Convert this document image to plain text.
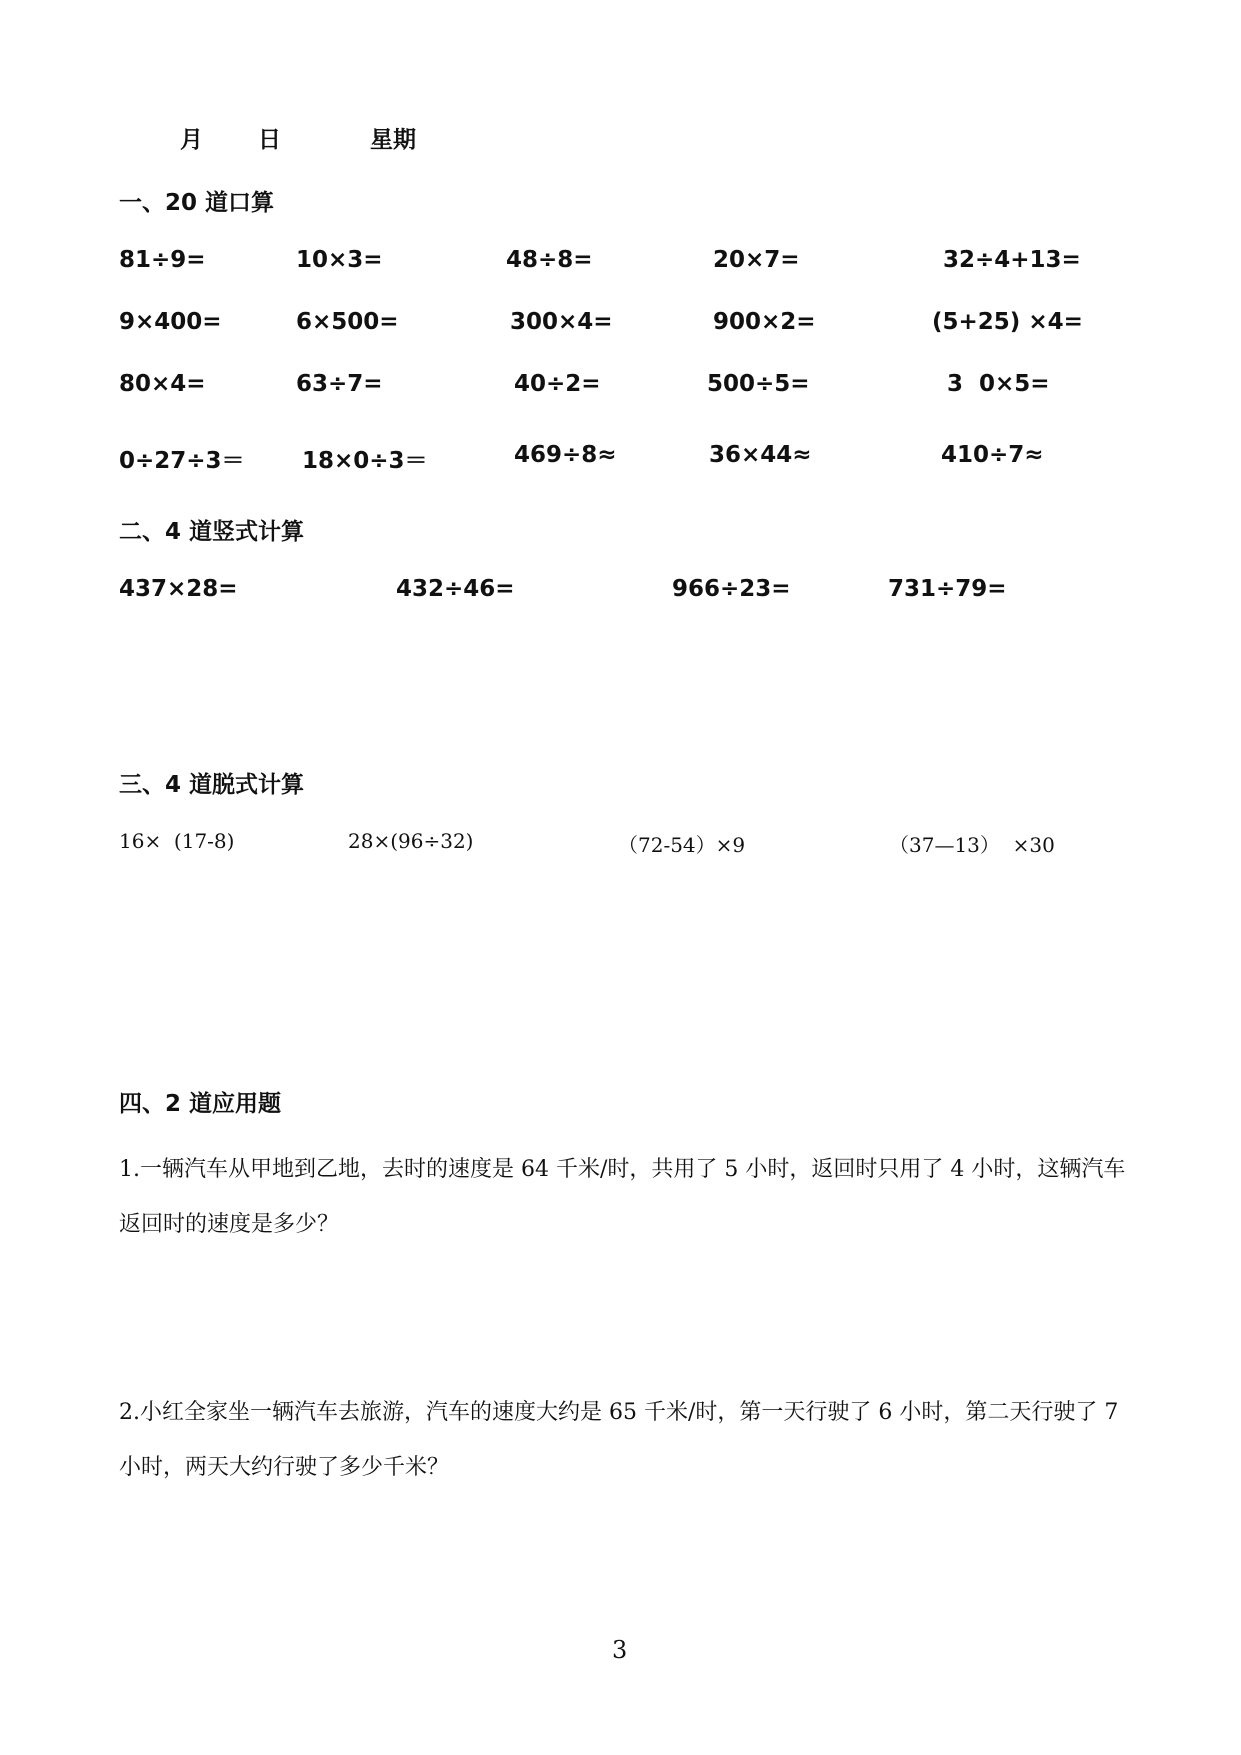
月 日	星期
一、20 道口算
81÷9=	10×3=	48÷8=	20×7=	32÷4+13=
9×400=	6×500=	300×4=	900×2=	(5+25) ×4=
80×4=	63÷7=	40÷2=	500÷5=	3  0×5=
0÷27÷3＝ 18×0÷3＝	469÷8≈	36×44≈	410÷7≈
二、4 道竖式计算
437×28=	432÷46=	966÷23=	731÷79=
三、4 道脱式计算
16×  (17-8)	28×(96÷32)	（72-54）×9	（37—13）  ×30
四、2 道应用题
1.一辆汽车从甲地到乙地，去时的速度是 64 千米/时，共用了 5 小时，返回时只用了 4 小时，这辆汽车返回时的速度是多少？
2.小红全家坐一辆汽车去旅游，汽车的速度大约是 65 千米/时，第一天行驶了 6 小时，第二天行驶了 7 小时，两天大约行驶了多少千米？
3
